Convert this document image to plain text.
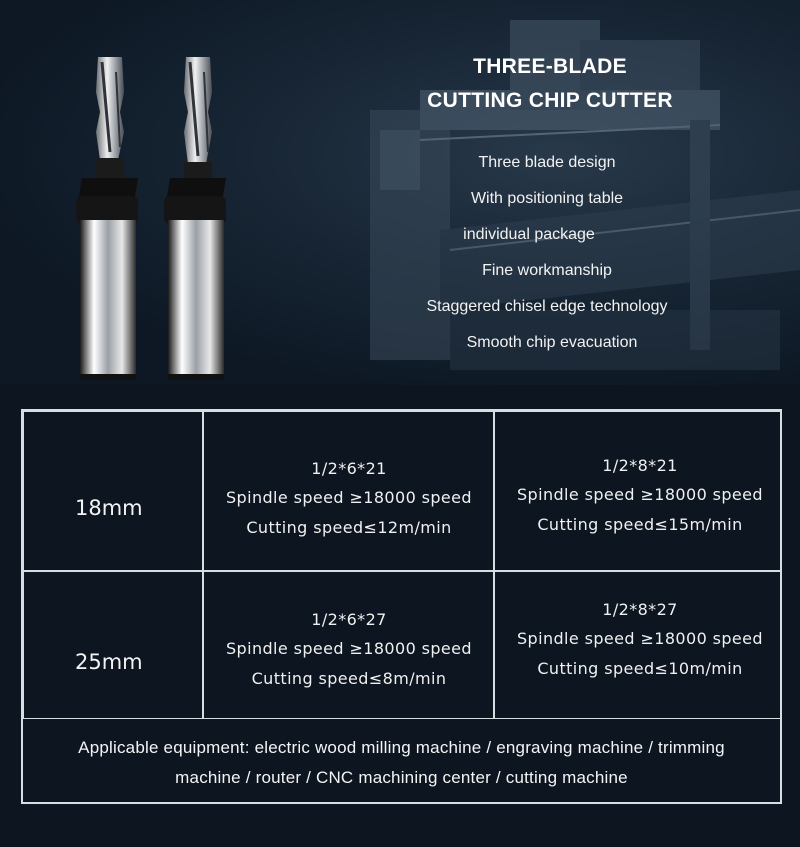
THREE-BLADE
CUTTING CHIP CUTTER
Three blade design
With positioning table
individual package
Fine workmanship
Staggered chisel edge technology
Smooth chip evacuation
18mm
1/2*6*21
Spindle speed ≥18000 speed
Cutting speed≤12m/min
1/2*8*21
Spindle speed ≥18000 speed
Cutting speed≤15m/min
25mm
1/2*6*27
Spindle speed ≥18000 speed
Cutting speed≤8m/min
1/2*8*27
Spindle speed ≥18000 speed
Cutting speed≤10m/min
Applicable equipment: electric wood milling machine / engraving machine / trimming
machine / router / CNC machining center / cutting machine
